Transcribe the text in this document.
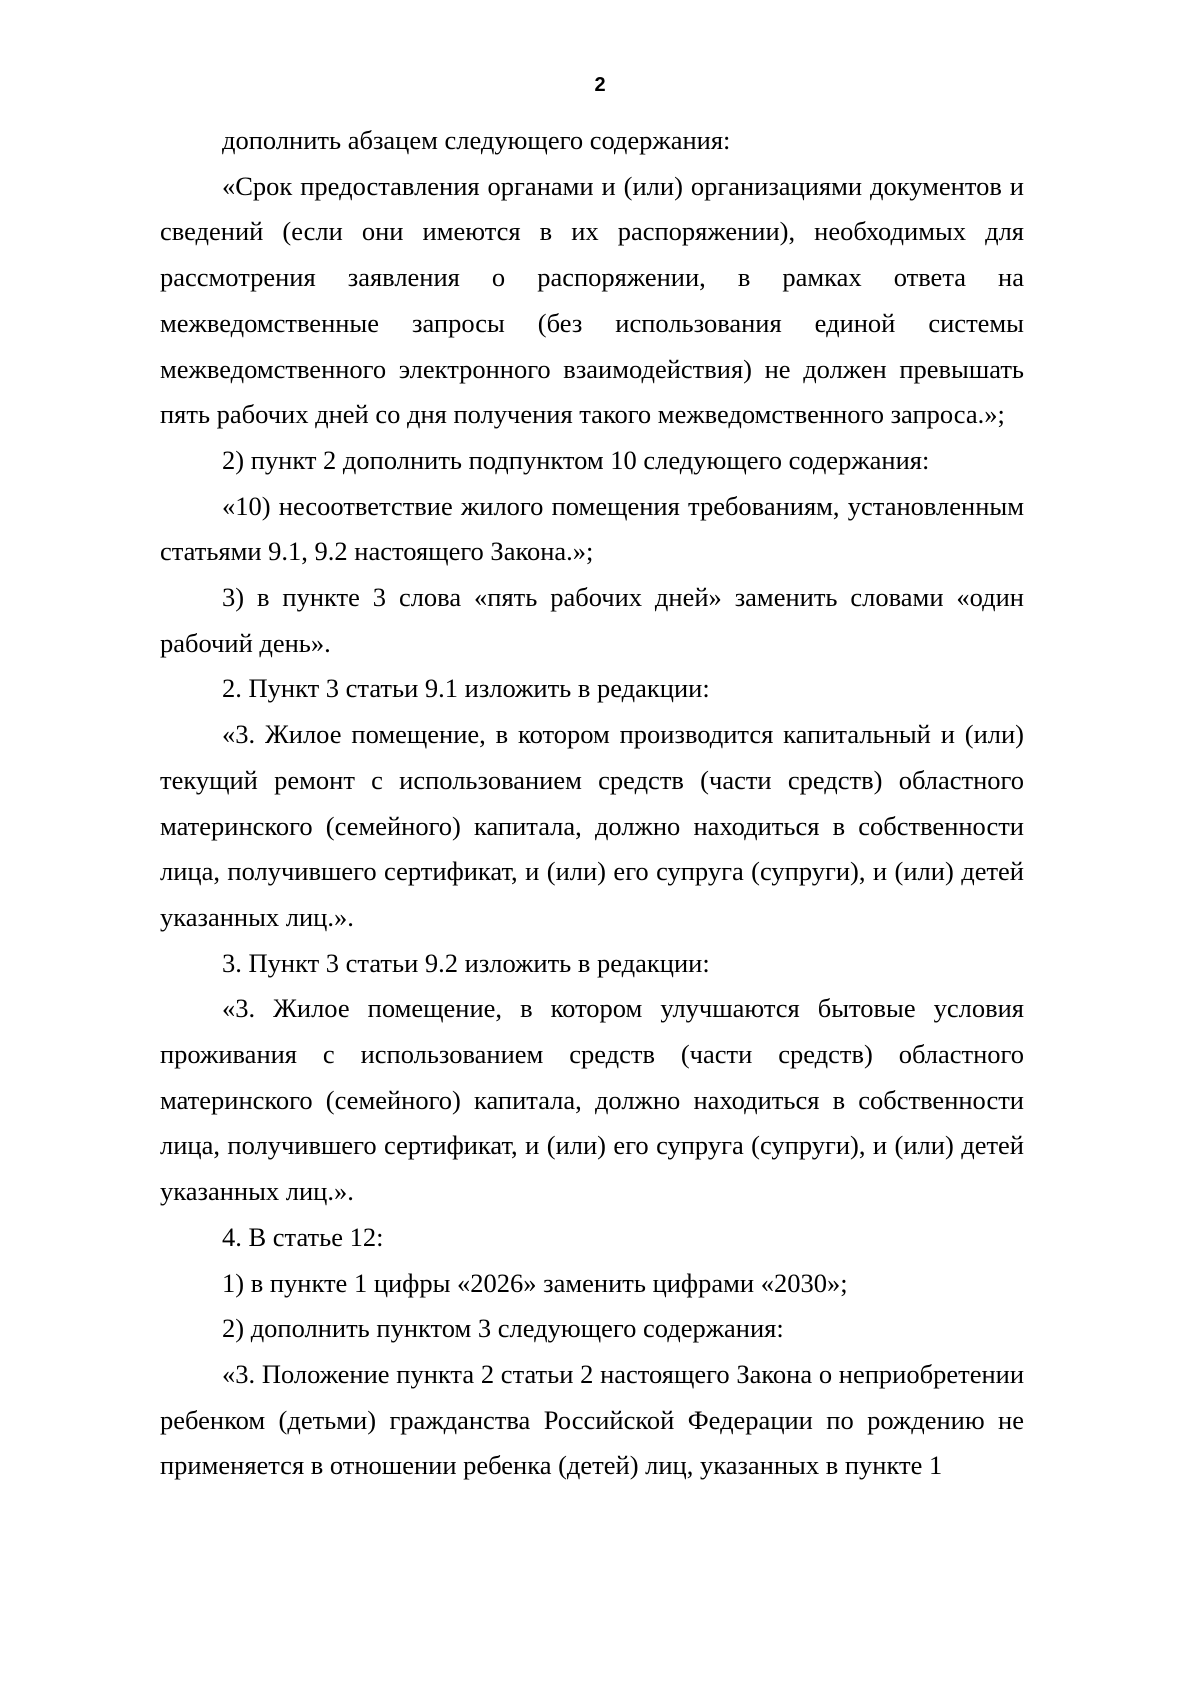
2

дополнить абзацем следующего содержания:

«Срок предоставления органами и (или) организациями документов и сведений (если они имеются в их распоряжении), необходимых для рассмотрения заявления о распоряжении, в рамках ответа на межведомственные запросы (без использования единой системы межведомственного электронного взаимодействия) не должен превышать пять рабочих дней со дня получения такого межведомственного запроса.»;

2) пункт 2 дополнить подпунктом 10 следующего содержания:

«10) несоответствие жилого помещения требованиям, установленным статьями 9.1, 9.2 настоящего Закона.»;

3) в пункте 3 слова «пять рабочих дней» заменить словами «один рабочий день».

2. Пункт 3 статьи 9.1 изложить в редакции:

«3. Жилое помещение, в котором производится капитальный и (или) текущий ремонт с использованием средств (части средств) областного материнского (семейного) капитала, должно находиться в собственности лица, получившего сертификат, и (или) его супруга (супруги), и (или) детей указанных лиц.».

3. Пункт 3 статьи 9.2 изложить в редакции:

«3. Жилое помещение, в котором улучшаются бытовые условия проживания с использованием средств (части средств) областного материнского (семейного) капитала, должно находиться в собственности лица, получившего сертификат, и (или) его супруга (супруги), и (или) детей указанных лиц.».

4. В статье 12:

1) в пункте 1 цифры «2026» заменить цифрами «2030»;

2) дополнить пунктом 3 следующего содержания:

«3. Положение пункта 2 статьи 2 настоящего Закона о неприобретении ребенком (детьми) гражданства Российской Федерации по рождению не применяется в отношении ребенка (детей) лиц, указанных в пункте 1
